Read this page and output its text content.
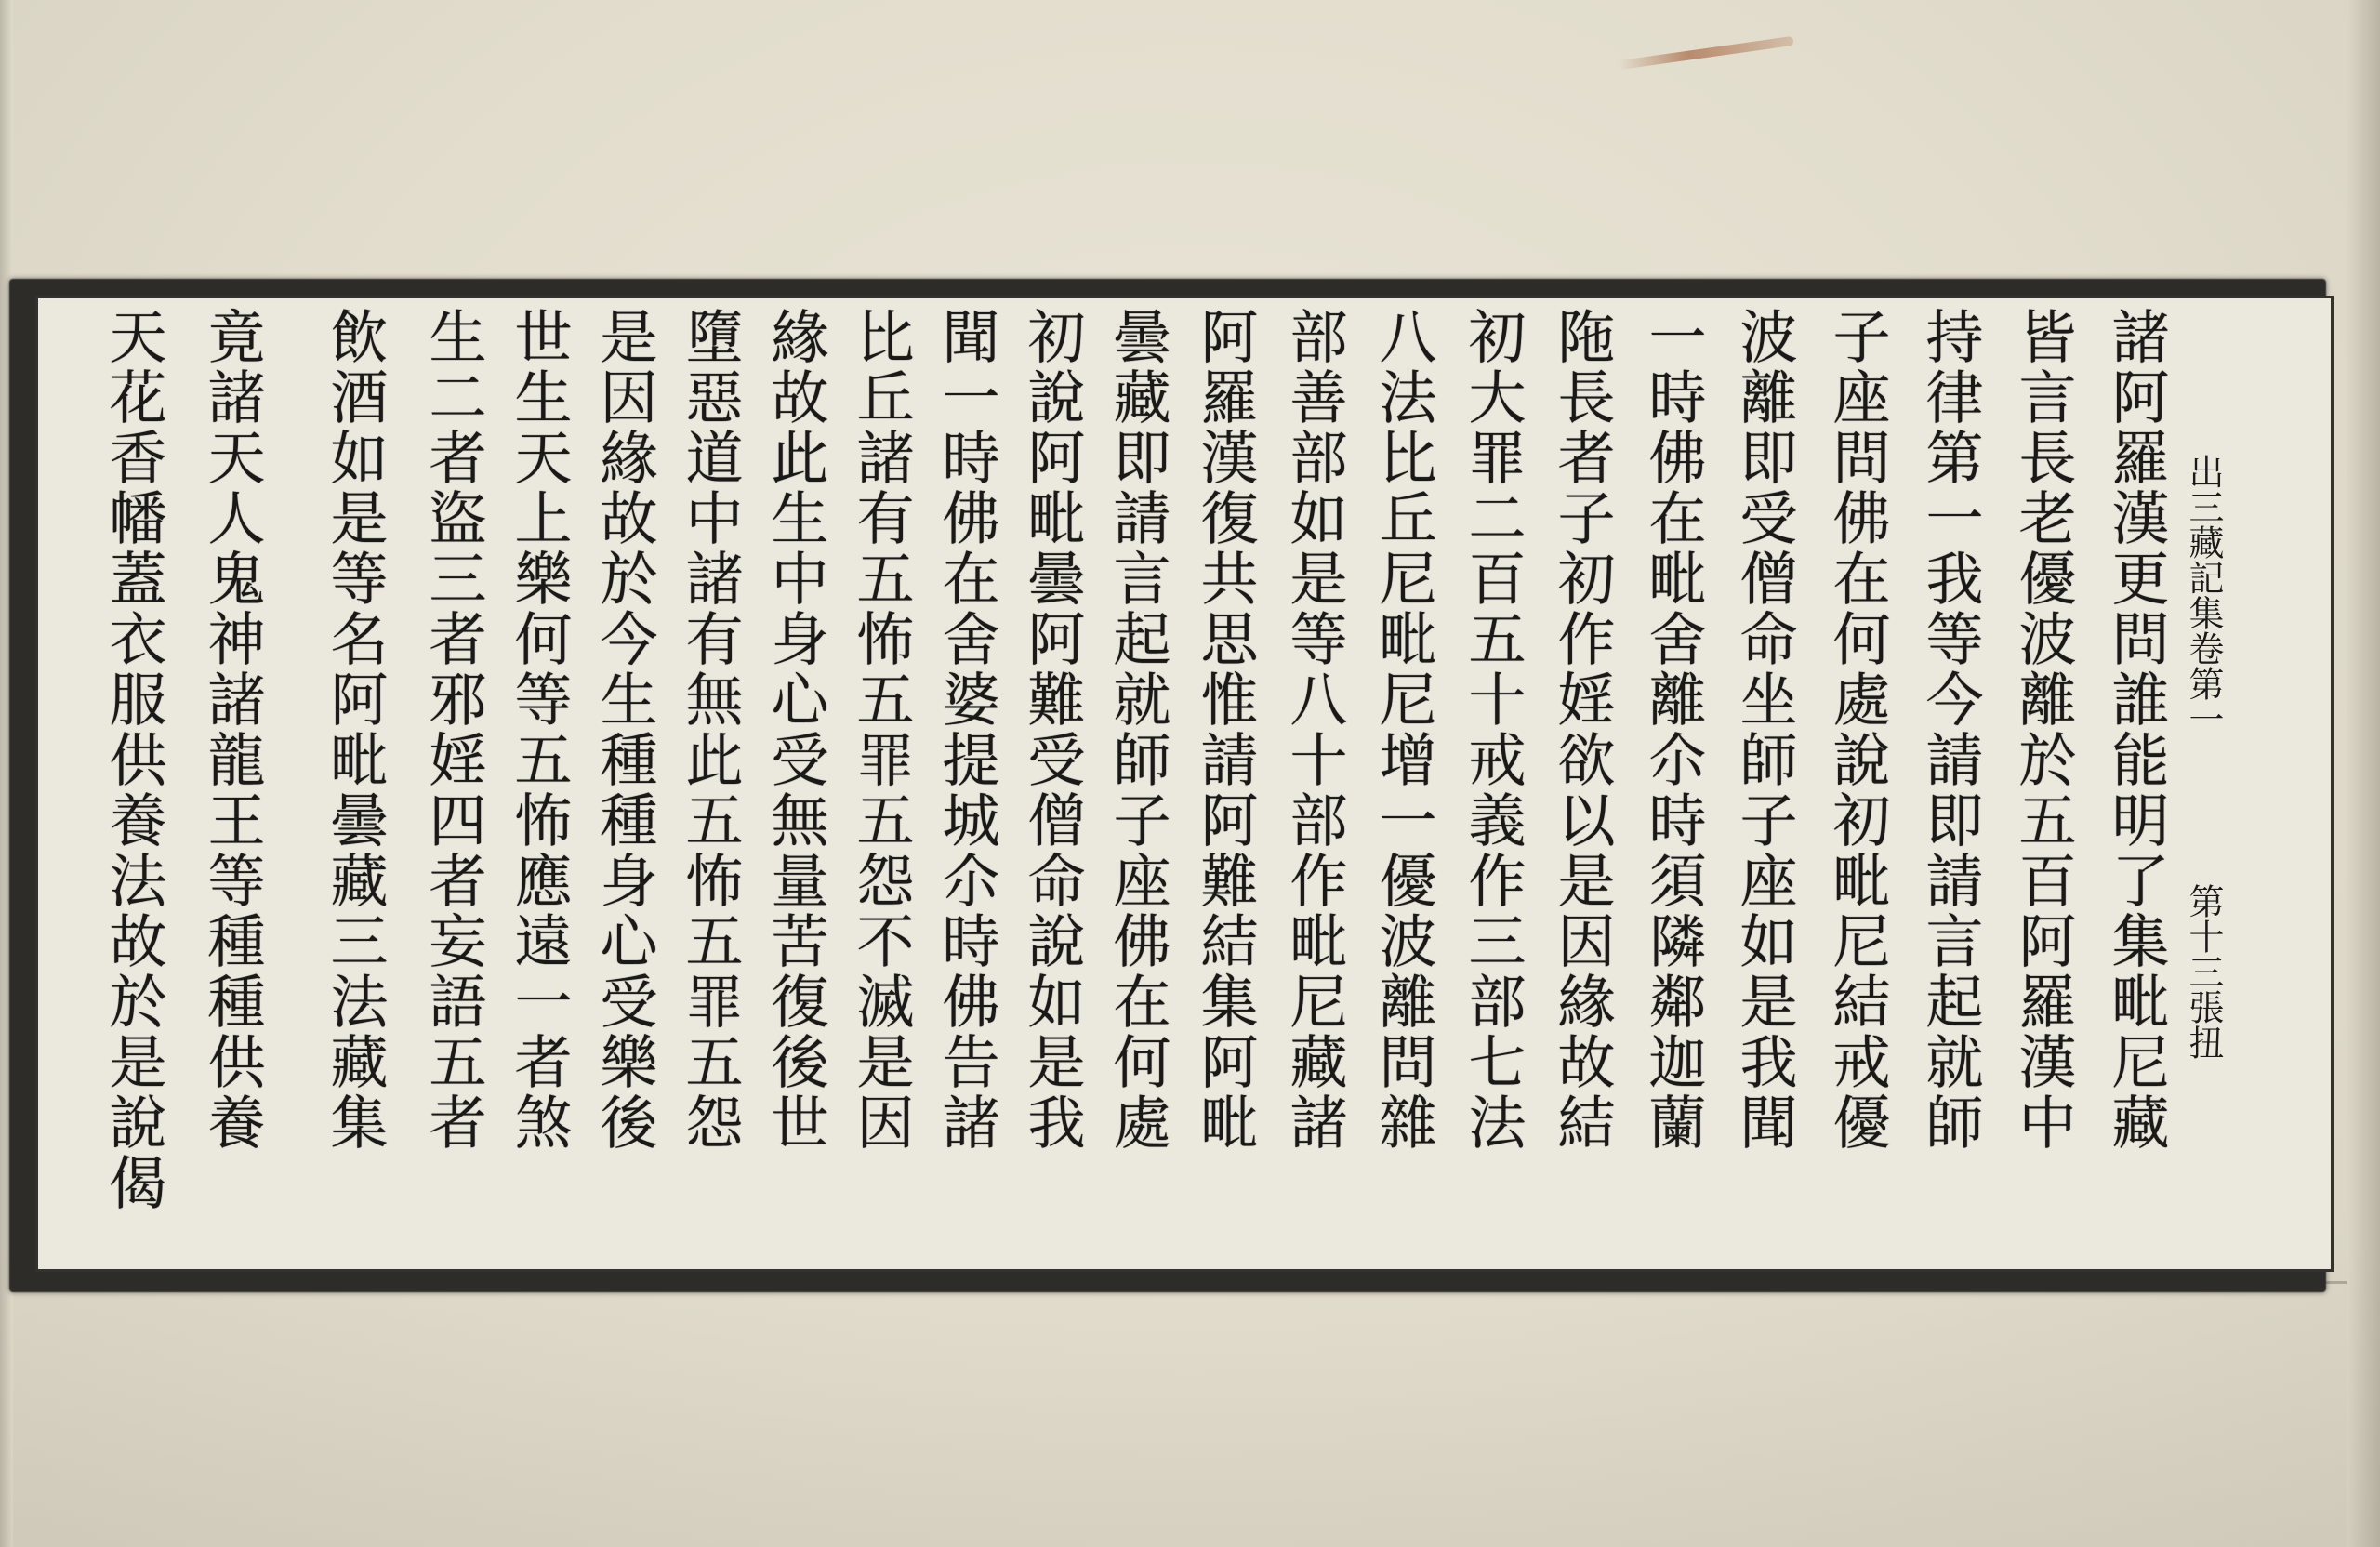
出三藏記集卷第一
第十三張扭
諸阿羅漢更問誰能明了集毗尼藏
皆言長老優波離於五百阿羅漢中
持律第一我等今請即請言起就師
子座問佛在何處說初毗尼結戒優
波離即受僧命坐師子座如是我聞
一時佛在毗舍離尒時須隣鄰迦蘭
陁長者子初作婬欲以是因緣故結
初大罪二百五十戒義作三部七法
八法比丘尼毗尼增一優波離問雜
部善部如是等八十部作毗尼藏諸
阿羅漢復共思惟請阿難結集阿毗
曇藏即請言起就師子座佛在何處
初說阿毗曇阿難受僧命說如是我
聞一時佛在舍婆提城尒時佛告諸
比丘諸有五怖五罪五怨不滅是因
緣故此生中身心受無量苦復後世
墮惡道中諸有無此五怖五罪五怨
是因緣故於今生種種身心受樂後
世生天上樂何等五怖應遠一者煞
生二者盜三者邪婬四者妄語五者
飲酒如是等名阿毗曇藏三法藏集
竟諸天人鬼神諸龍王等種種供養
天花香幡蓋衣服供養法故於是說偈
